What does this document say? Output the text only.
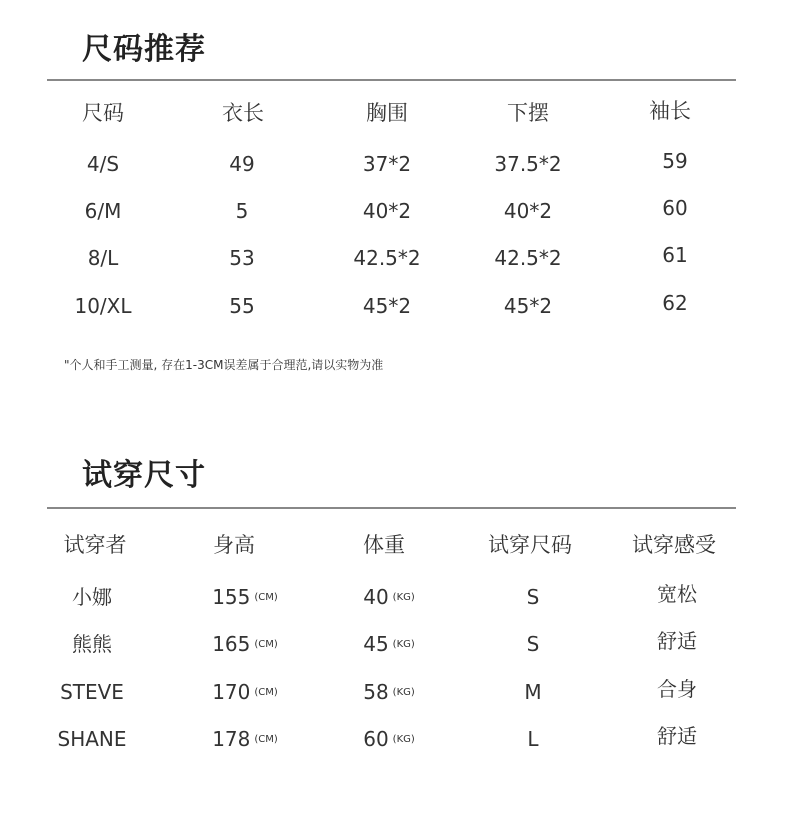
尺码推荐
尺码	衣长	胸围	下摆	袖长
4/S	49	37*2	37.5*2	59
6/M	5	40*2	40*2	60
8/L	53	42.5*2	42.5*2	61
10/XL	55	45*2	45*2	62
"个人和手工测量, 存在1-3CM误差属于合理范,请以实物为准
试穿尺寸
试穿者	身高	体重	试穿尺码	试穿感受
小娜	155 $^{(CM)}$	40 $^{(KG)}$	S	宽松
熊熊	165 $^{(CM)}$	45 $^{(KG)}$	S	舒适
STEVE	170 $^{(CM)}$	58 $^{(KG)}$	M	合身
SHANE	178 $^{(CM)}$	60 $^{(KG)}$	L	舒适
